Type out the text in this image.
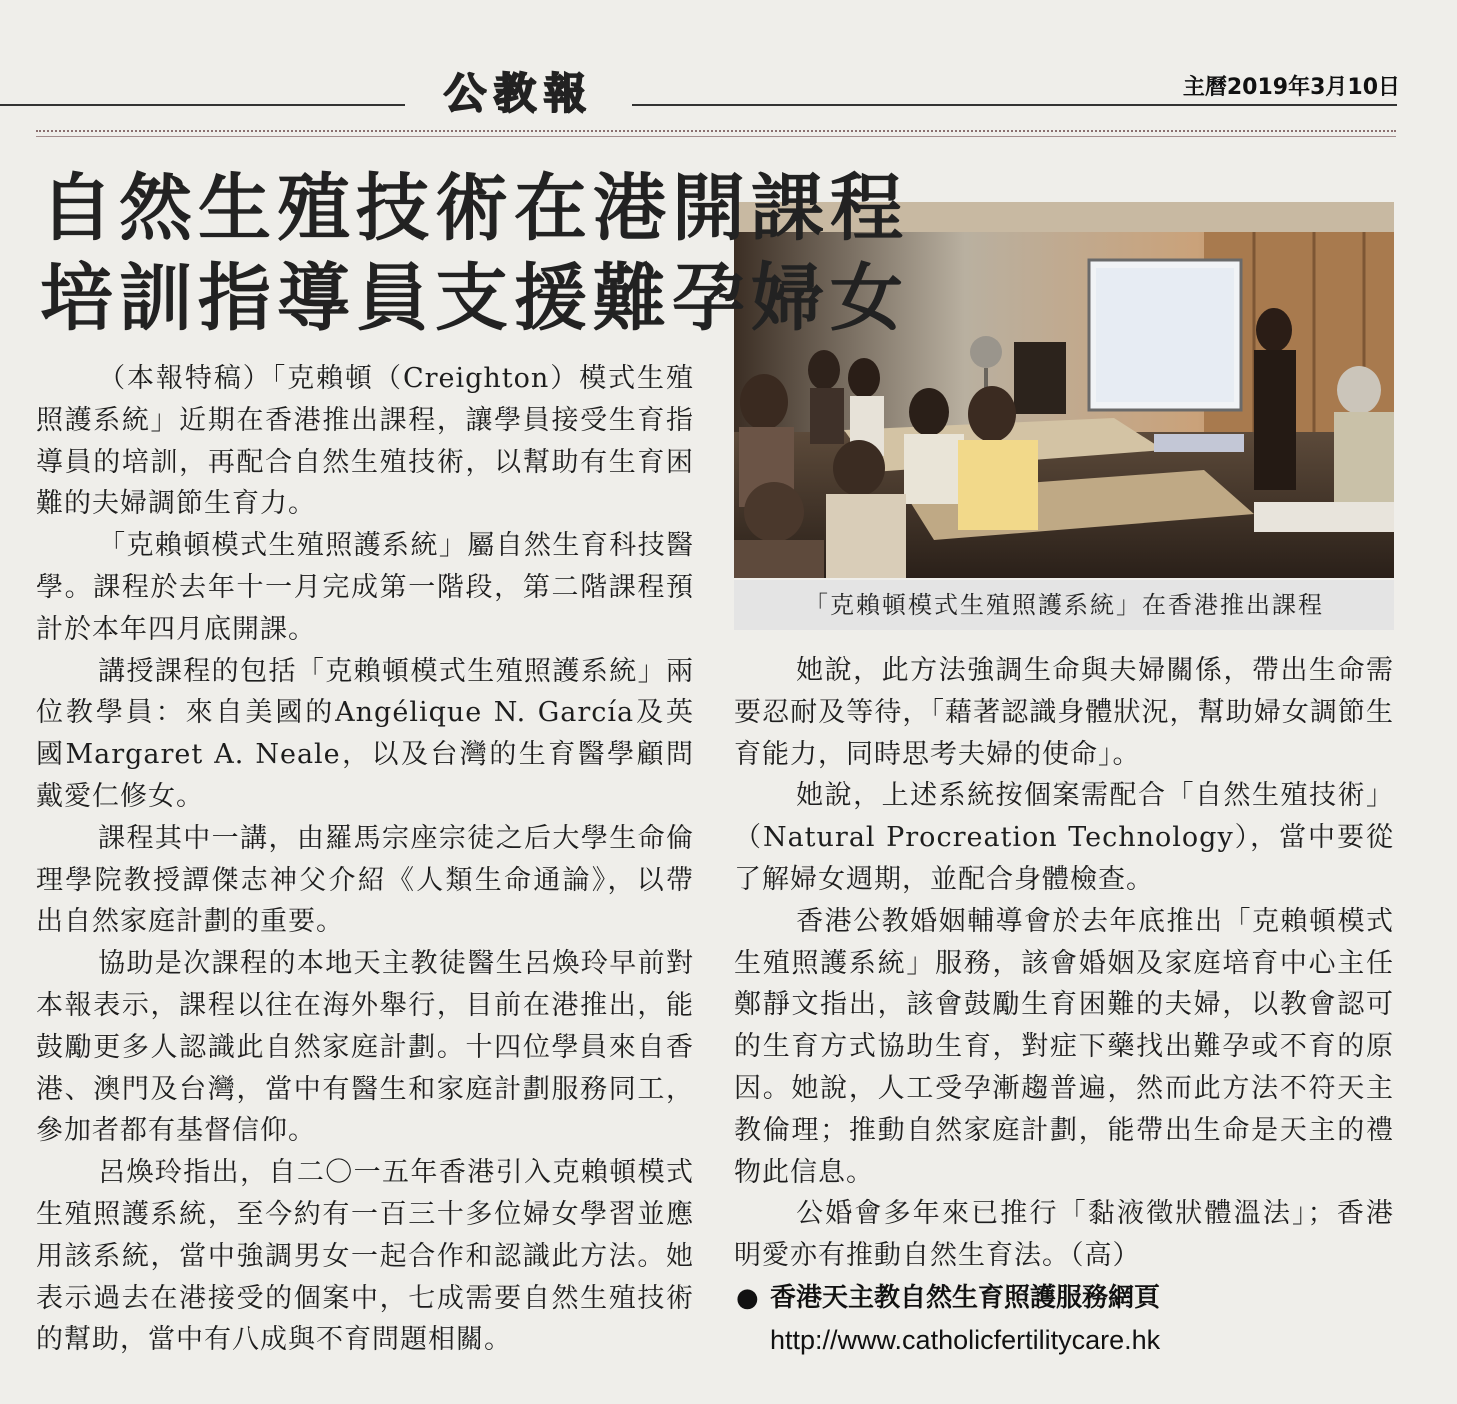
公教報	主曆2019年3月10日
自然生殖技術在港開課程
培訓指導員支援難孕婦女
「克賴頓模式生殖照護系統」在香港推出課程

（本報特稿）「克賴頓（Creighton）模式生殖照護系統」近期在香港推出課程，讓學員接受生育指導員的培訓，再配合自然生殖技術，以幫助有生育困難的夫婦調節生育力。

「克賴頓模式生殖照護系統」屬自然生育科技醫學。課程於去年十一月完成第一階段，第二階課程預計於本年四月底開課。

講授課程的包括「克賴頓模式生殖照護系統」兩位教學員：來自美國的Angélique N. García及英國Margaret A. Neale，以及台灣的生育醫學顧問戴愛仁修女。

課程其中一講，由羅馬宗座宗徒之后大學生命倫理學院教授譚傑志神父介紹《人類生命通論》，以帶出自然家庭計劃的重要。

協助是次課程的本地天主教徒醫生呂煥玲早前對本報表示，課程以往在海外舉行，目前在港推出，能鼓勵更多人認識此自然家庭計劃。十四位學員來自香港、澳門及台灣，當中有醫生和家庭計劃服務同工，參加者都有基督信仰。

呂煥玲指出，自二〇一五年香港引入克賴頓模式生殖照護系統，至今約有一百三十多位婦女學習並應用該系統，當中強調男女一起合作和認識此方法。她表示過去在港接受的個案中，七成需要自然生殖技術的幫助，當中有八成與不育問題相關。

她說，此方法強調生命與夫婦關係，帶出生命需要忍耐及等待，「藉著認識身體狀況，幫助婦女調節生育能力，同時思考夫婦的使命」。

她說，上述系統按個案需配合「自然生殖技術」（Natural Procreation Technology），當中要從了解婦女週期，並配合身體檢查。

香港公教婚姻輔導會於去年底推出「克賴頓模式生殖照護系統」服務，該會婚姻及家庭培育中心主任鄭靜文指出，該會鼓勵生育困難的夫婦，以教會認可的生育方式協助生育，對症下藥找出難孕或不育的原因。她說，人工受孕漸趨普遍，然而此方法不符天主教倫理；推動自然家庭計劃，能帶出生命是天主的禮物此信息。

公婚會多年來已推行「黏液徵狀體溫法」；香港明愛亦有推動自然生育法。（高）

● 香港天主教自然生育照護服務網頁
http://www.catholicfertilitycare.hk
